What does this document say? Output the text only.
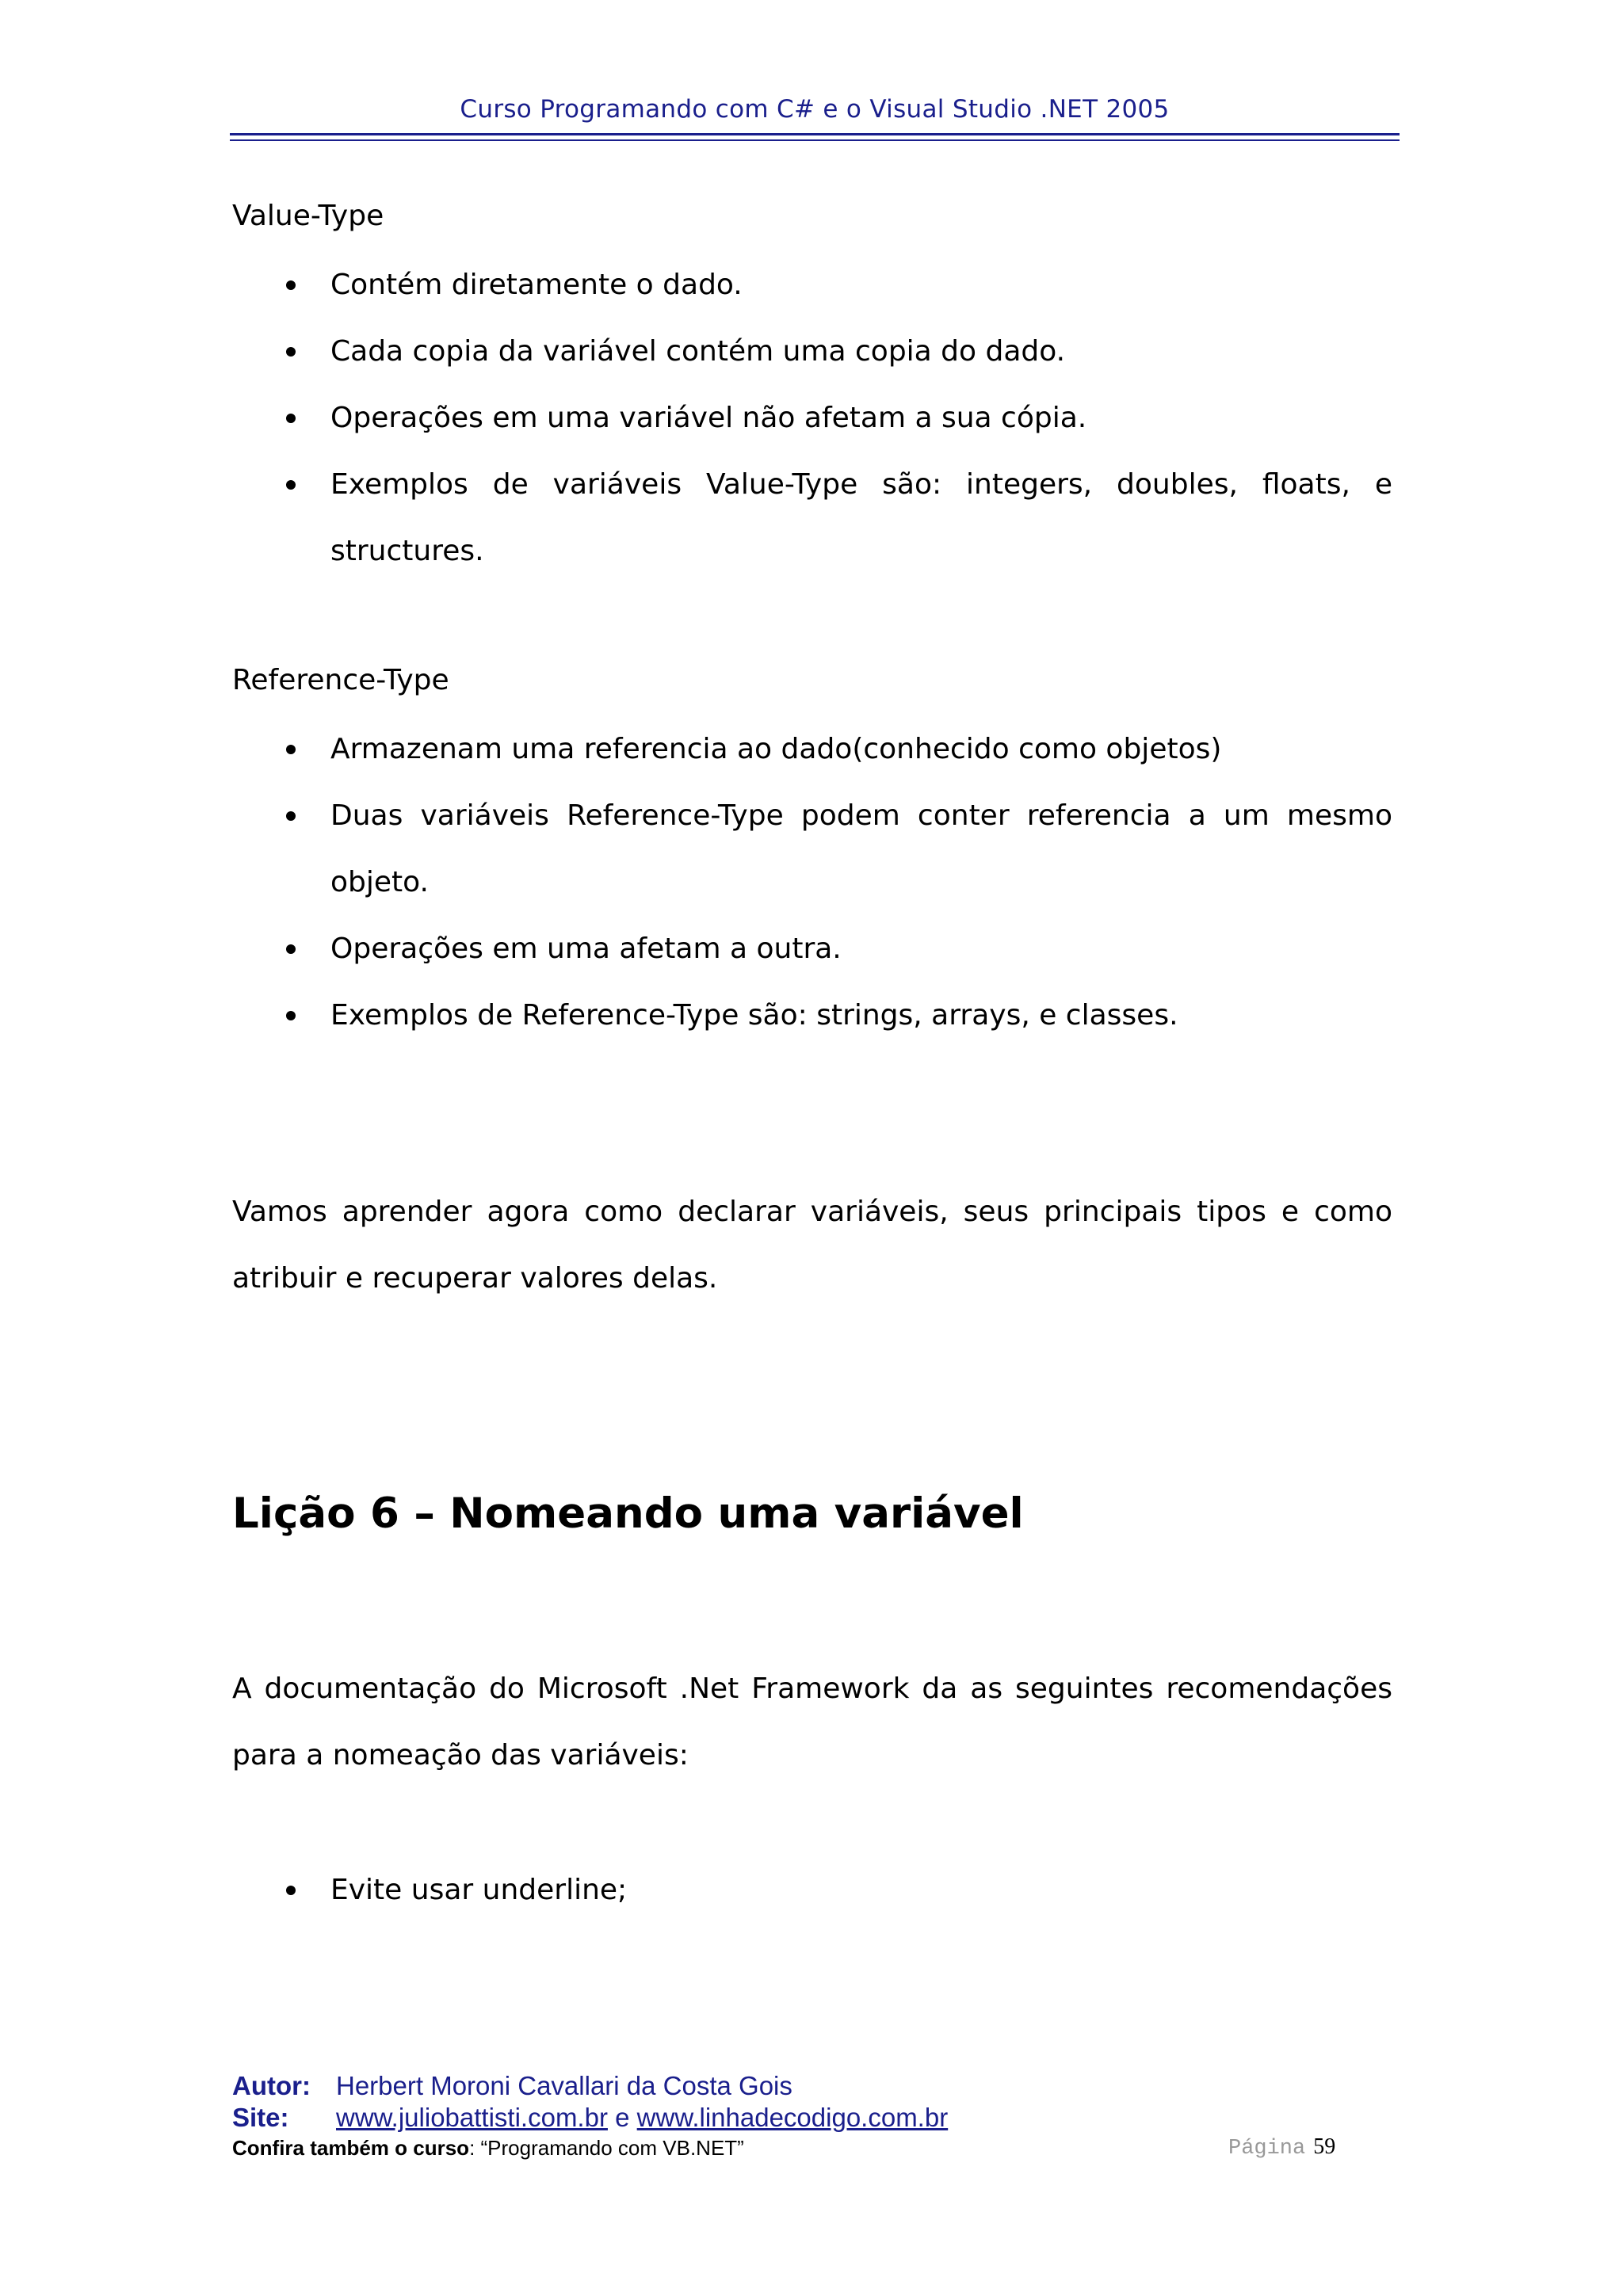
Curso Programando com C# e o Visual Studio .NET 2005
Value-Type
Contém diretamente o dado.
Cada copia da variável contém uma copia do dado.
Operações em uma variável não afetam a sua cópia.
Exemplos de variáveis Value-Type são: integers, doubles, floats, e structures.
Reference-Type
Armazenam uma referencia ao dado(conhecido como objetos)
Duas variáveis Reference-Type podem conter referencia a um mesmo objeto.
Operações em uma afetam a outra.
Exemplos de Reference-Type são: strings, arrays, e classes.
Vamos aprender agora como declarar variáveis, seus principais tipos e como atribuir e recuperar valores delas.
Lição 6 – Nomeando uma variável
A documentação do Microsoft .Net Framework da as seguintes recomendações para a nomeação das variáveis:
Evite usar underline;
Autor: Herbert Moroni Cavallari da Costa Gois
Site: www.juliobattisti.com.br e www.linhadecodigo.com.br
Confira também o curso: “Programando com VB.NET”	Página 59
